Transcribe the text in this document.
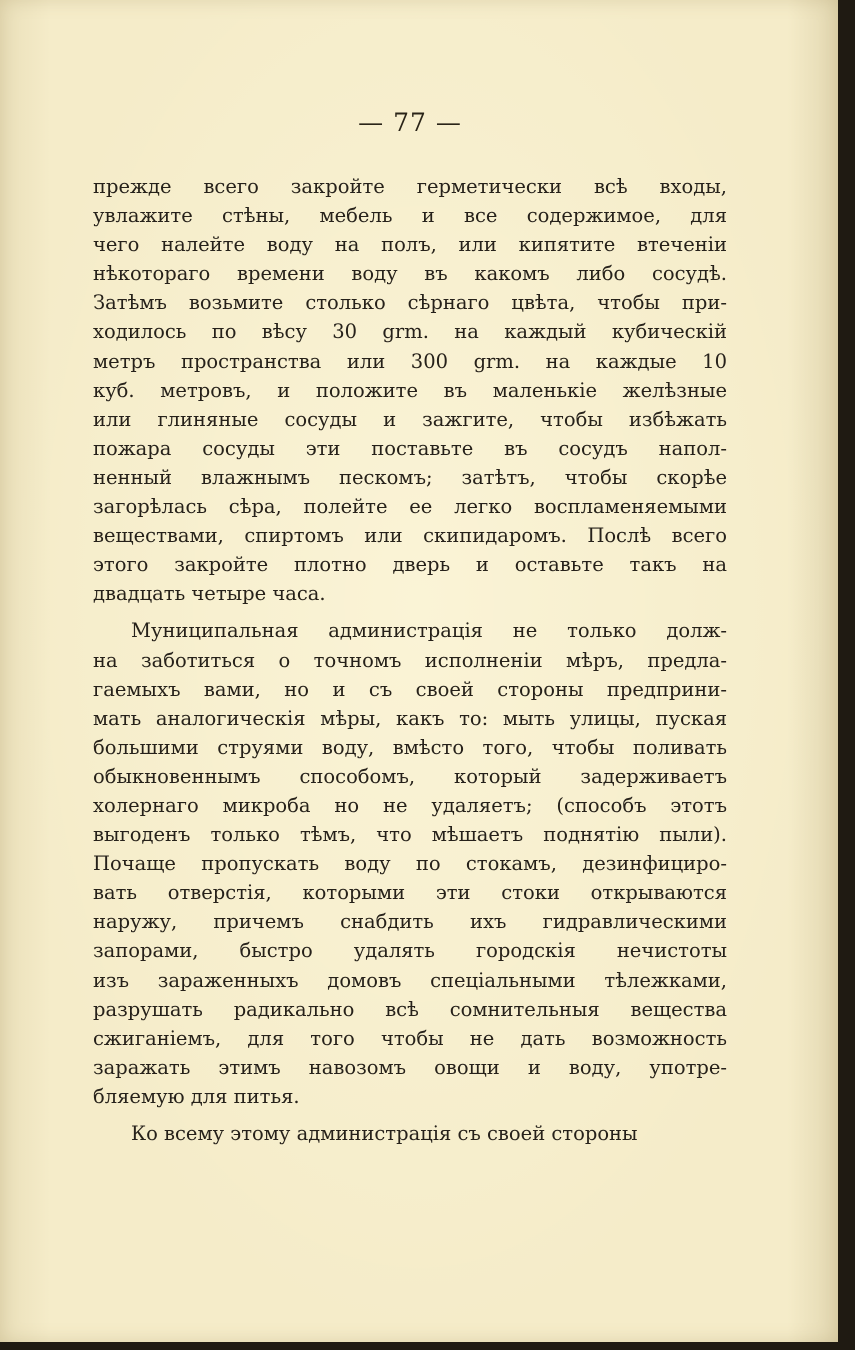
— 77 —
прежде всего закройте герметически всѣ входы,
увлажите стѣны, мебель и все содержимое, для
чего налейте воду на полъ, или кипятите втеченіи
нѣкотораго времени воду въ какомъ либо сосудѣ.
Затѣмъ возьмите столько сѣрнаго цвѣта, чтобы при-
ходилось по вѣсу 30 grm. на каждый кубическій
метръ пространства или 300 grm. на каждые 10
куб. метровъ, и положите въ маленькіе желѣзные
или глиняные сосуды и зажгите, чтобы избѣжать
пожара сосуды эти поставьте въ сосудъ напол-
ненный влажнымъ пескомъ; затѣтъ, чтобы скорѣе
загорѣлась сѣра, полейте ее легко воспламеняемыми
веществами, спиртомъ или скипидаромъ. Послѣ всего
этого закройте плотно дверь и оставьте такъ на
двадцать четыре часа.
Муниципальная администрація не только долж-
на заботиться о точномъ исполненіи мѣръ, предла-
гаемыхъ вами, но и съ своей стороны предприни-
мать аналогическія мѣры, какъ то: мыть улицы, пуская
большими струями воду, вмѣсто того, чтобы поливать
обыкновеннымъ способомъ, который задерживаетъ
холернаго микроба но не удаляетъ; (способъ этотъ
выгоденъ только тѣмъ, что мѣшаетъ поднятію пыли).
Почаще пропускать воду по стокамъ, дезинфициро-
вать отверстія, которыми эти стоки открываются
наружу, причемъ снабдить ихъ гидравлическими
запорами, быстро удалять городскія нечистоты
изъ зараженныхъ домовъ спеціальными тѣлежками,
разрушать радикально всѣ сомнительныя вещества
сжиганіемъ, для того чтобы не дать возможность
заражать этимъ навозомъ овощи и воду, употре-
бляемую для питья.
Ко всему этому администрація съ своей стороны
